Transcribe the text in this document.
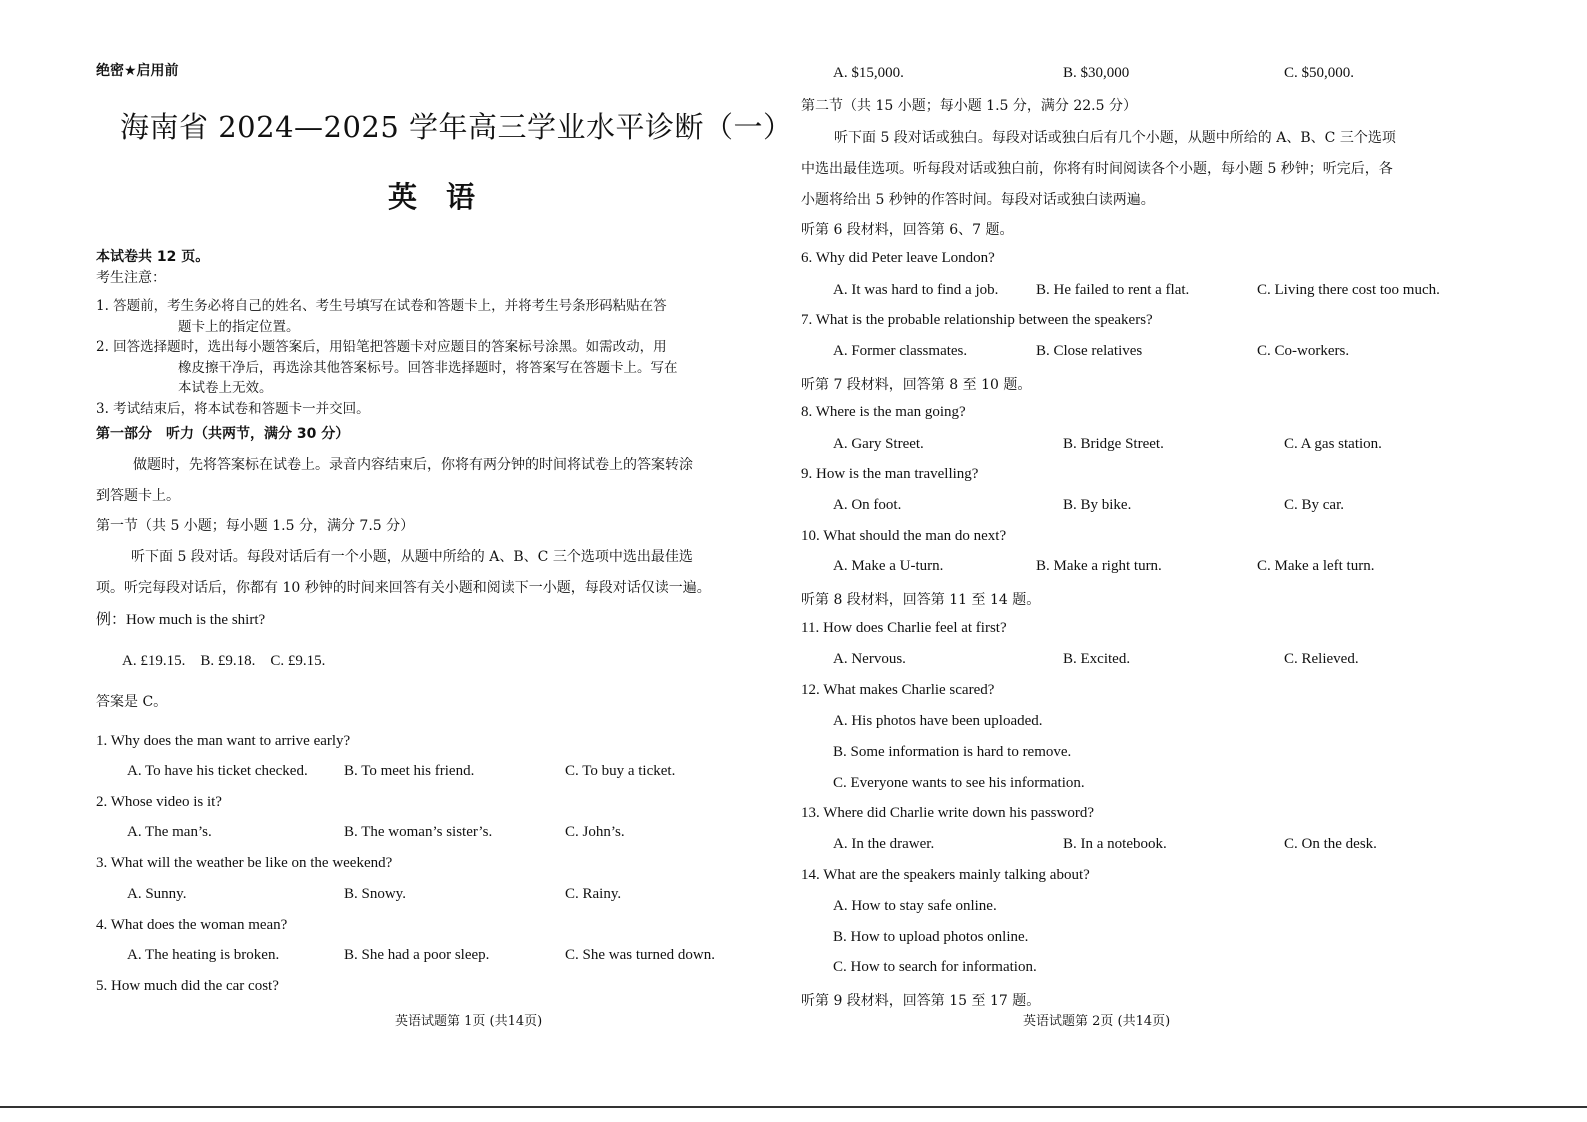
绝密★启用前
海南省 2024—2025 学年高三学业水平诊断（一）
英　语
本试卷共 12 页。
考生注意：
1. 答题前，考生务必将自己的姓名、考生号填写在试卷和答题卡上，并将考生号条形码粘贴在答
题卡上的指定位置。
2. 回答选择题时，选出每小题答案后，用铅笔把答题卡对应题目的答案标号涂黑。如需改动，用
橡皮擦干净后，再选涂其他答案标号。回答非选择题时，将答案写在答题卡上。写在
本试卷上无效。
3. 考试结束后，将本试卷和答题卡一并交回。
第一部分　听力（共两节，满分 30 分）
做题时，先将答案标在试卷上。录音内容结束后，你将有两分钟的时间将试卷上的答案转涂
到答题卡上。
第一节（共 5 小题；每小题 1.5 分，满分 7.5 分）
听下面 5 段对话。每段对话后有一个小题，从题中所给的 A、B、C 三个选项中选出最佳选
项。听完每段对话后，你都有 10 秒钟的时间来回答有关小题和阅读下一小题，每段对话仅读一遍。
例：How much is the shirt?
A. £19.15.　B. £9.18.　C. £9.15.
答案是 C。
1. Why does the man want to arrive early?
A. To have his ticket checked. B. To meet his friend.	C. To buy a ticket.
2. Whose video is it?
A. The man’s.	B. The woman’s sister’s.	C. John’s.
3. What will the weather be like on the weekend?
A. Sunny.	B. Snowy.	C. Rainy.
4. What does the woman mean?
A. The heating is broken.	B. She had a poor sleep.	C. She was turned down.
5. How much did the car cost?
英语试题第 1页 (共14页)
A. $15,000.	B. $30,000	C. $50,000.
第二节（共 15 小题；每小题 1.5 分，满分 22.5 分）
听下面 5 段对话或独白。每段对话或独白后有几个小题，从题中所给的 A、B、C 三个选项
中选出最佳选项。听每段对话或独白前，你将有时间阅读各个小题，每小题 5 秒钟；听完后，各
小题将给出 5 秒钟的作答时间。每段对话或独白读两遍。
听第 6 段材料，回答第 6、7 题。
6. Why did Peter leave London?
A. It was hard to find a job.	B. He failed to rent a flat.	C. Living there cost too much.
7. What is the probable relationship between the speakers?
A. Former classmates.	B. Close relatives	C. Co-workers.
听第 7 段材料，回答第 8 至 10 题。
8. Where is the man going?
A. Gary Street.	B. Bridge Street.	C. A gas station.
9. How is the man travelling?
A. On foot.	B. By bike.	C. By car.
10. What should the man do next?
A. Make a U-turn.	B. Make a right turn.	C. Make a left turn.
听第 8 段材料，回答第 11 至 14 题。
11. How does Charlie feel at first?
A. Nervous.	B. Excited.	C. Relieved.
12. What makes Charlie scared?
A. His photos have been uploaded.
B. Some information is hard to remove.
C. Everyone wants to see his information.
13. Where did Charlie write down his password?
A. In the drawer.	B. In a notebook.	C. On the desk.
14. What are the speakers mainly talking about?
A. How to stay safe online.
B. How to upload photos online.
C. How to search for information.
听第 9 段材料，回答第 15 至 17 题。
英语试题第 2页 (共14页)
